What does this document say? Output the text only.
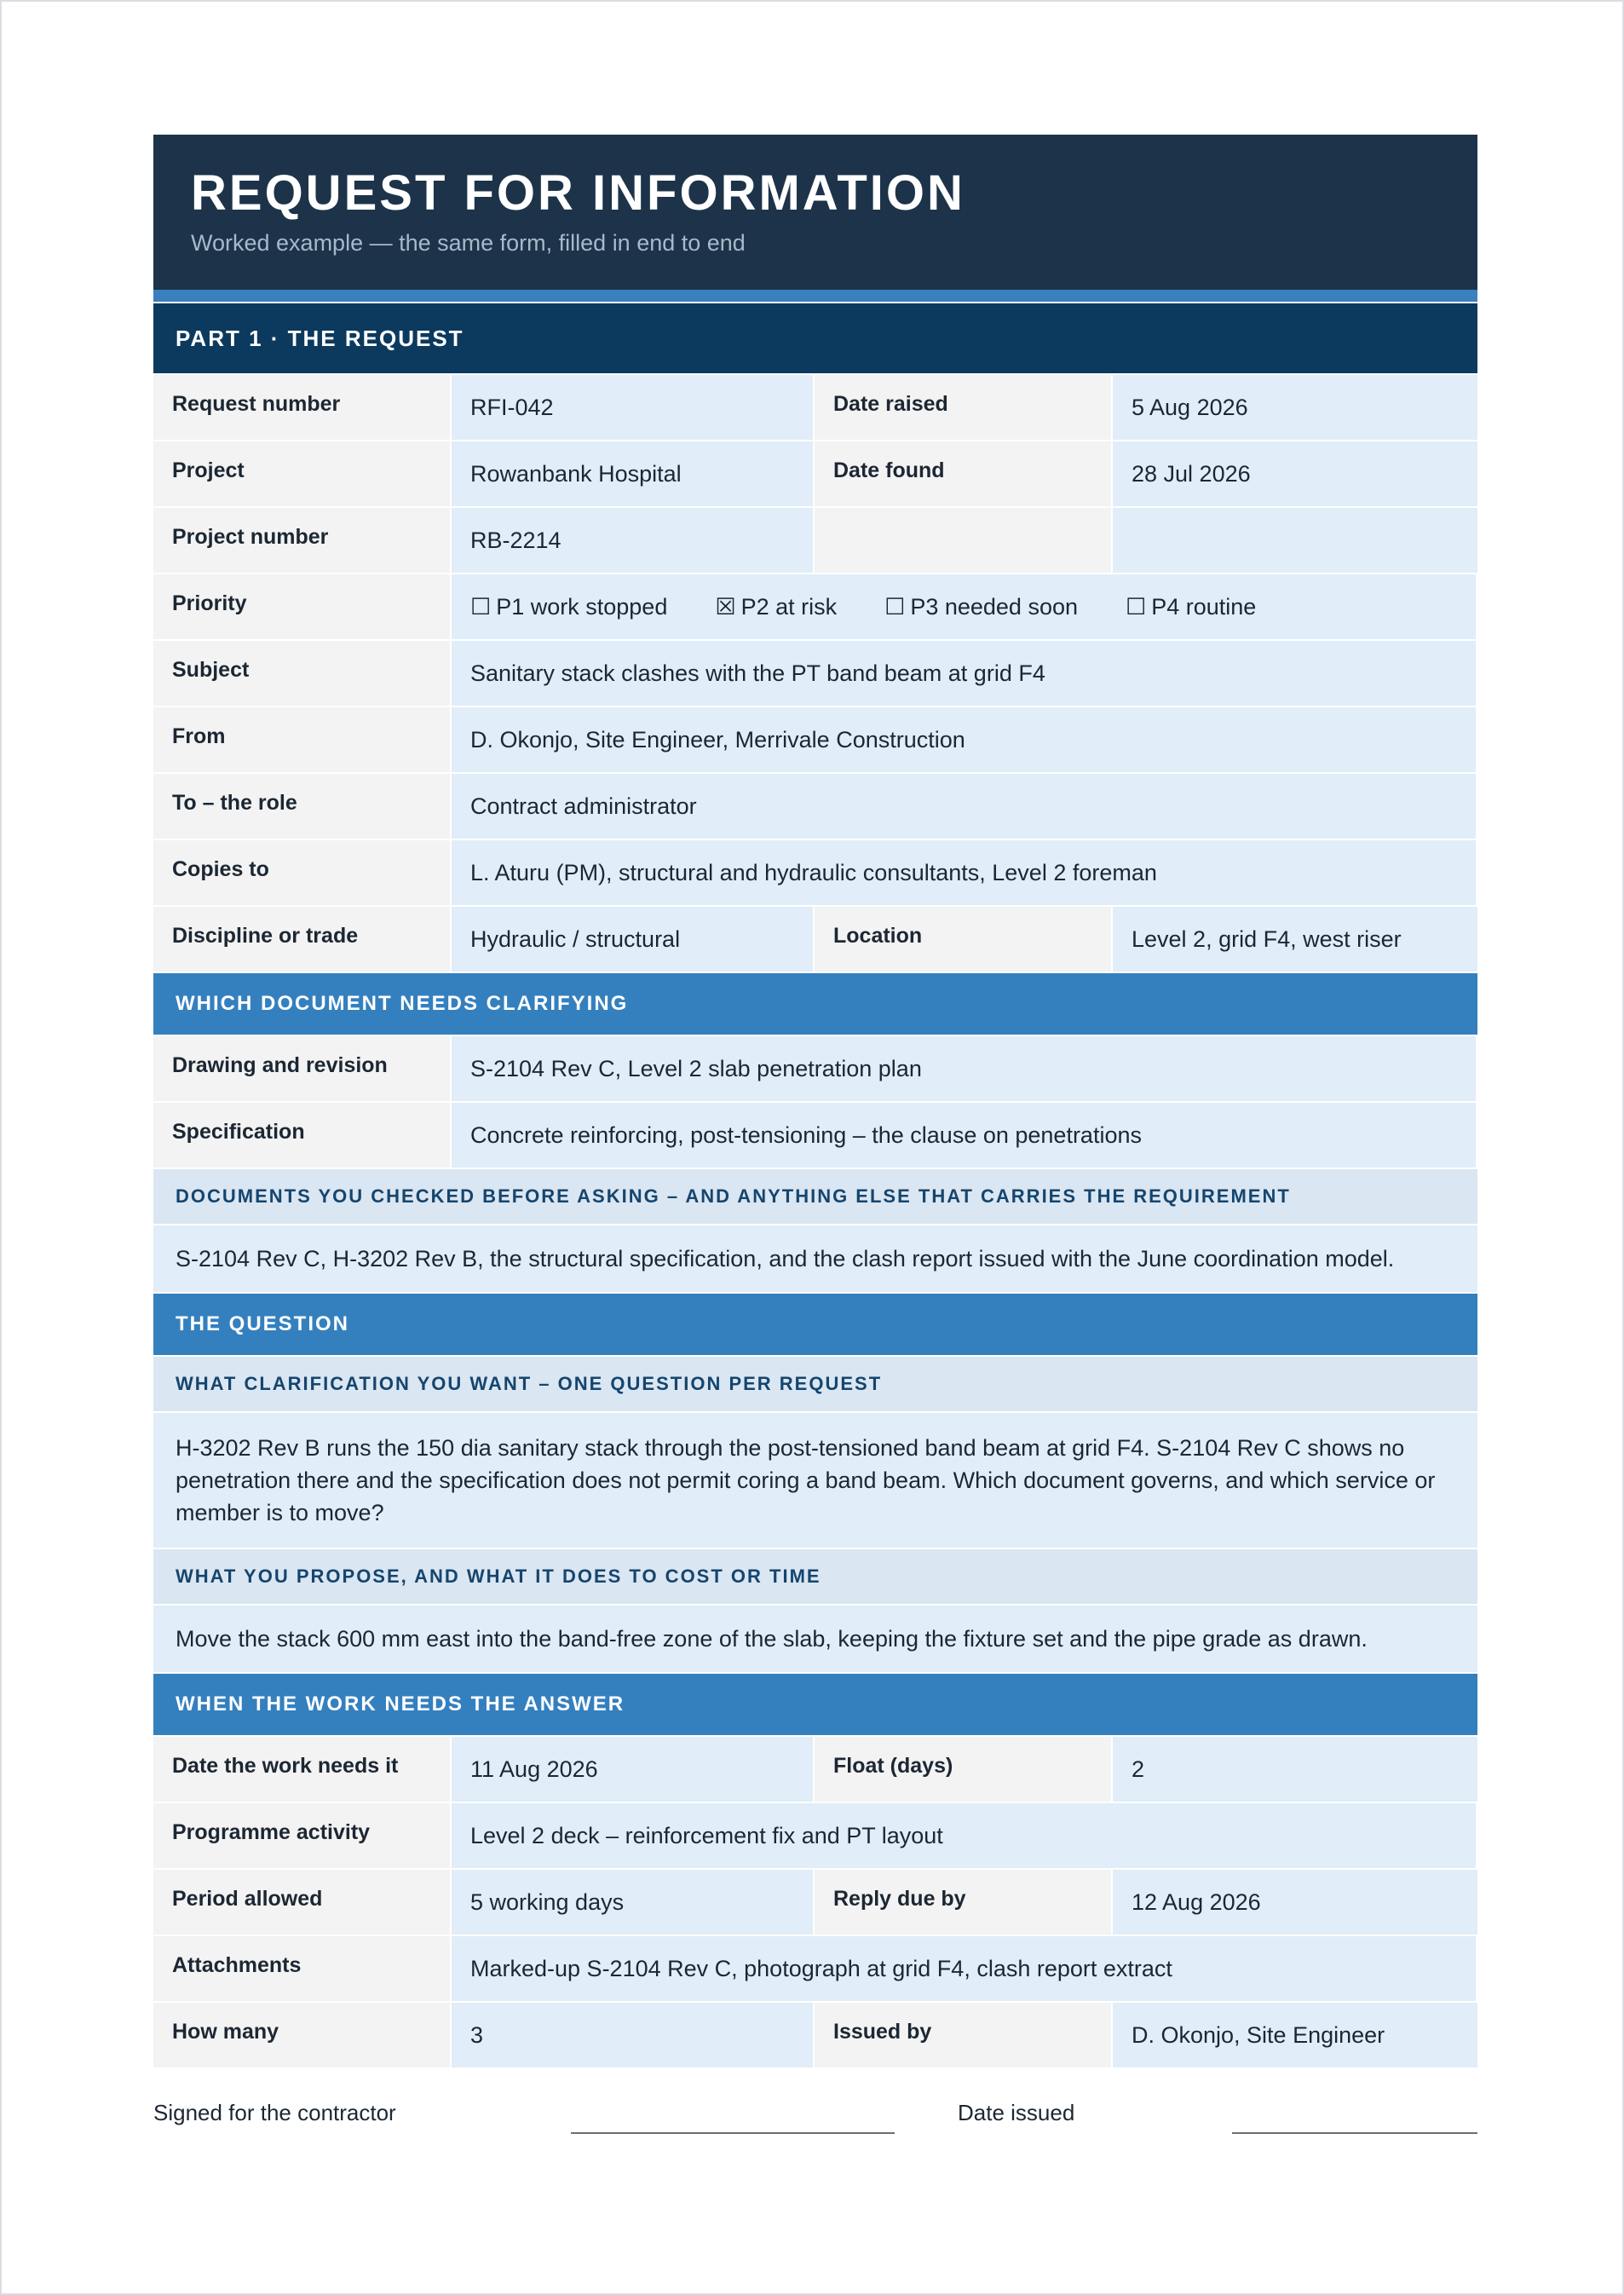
REQUEST FOR INFORMATION
Worked example — the same form, filled in end to end
PART 1 · THE REQUEST
Request number	RFI-042	Date raised	5 Aug 2026
Project	Rowanbank Hospital	Date found	28 Jul 2026
Project number	RB-2214
Priority	☐ P1 work stopped ☒ P2 at risk ☐ P3 needed soon ☐ P4 routine
Subject	Sanitary stack clashes with the PT band beam at grid F4
From	D. Okonjo, Site Engineer, Merrivale Construction
To – the role	Contract administrator
Copies to	L. Aturu (PM), structural and hydraulic consultants, Level 2 foreman
Discipline or trade	Hydraulic / structural	Location	Level 2, grid F4, west riser
WHICH DOCUMENT NEEDS CLARIFYING
Drawing and revision	S-2104 Rev C, Level 2 slab penetration plan
Specification	Concrete reinforcing, post-tensioning – the clause on penetrations
DOCUMENTS YOU CHECKED BEFORE ASKING – AND ANYTHING ELSE THAT CARRIES THE REQUIREMENT
S-2104 Rev C, H-3202 Rev B, the structural specification, and the clash report issued with the June coordination model.
THE QUESTION
WHAT CLARIFICATION YOU WANT – ONE QUESTION PER REQUEST
H-3202 Rev B runs the 150 dia sanitary stack through the post-tensioned band beam at grid F4. S-2104 Rev C shows no penetration there and the specification does not permit coring a band beam. Which document governs, and which service or member is to move?
WHAT YOU PROPOSE, AND WHAT IT DOES TO COST OR TIME
Move the stack 600 mm east into the band-free zone of the slab, keeping the fixture set and the pipe grade as drawn.
WHEN THE WORK NEEDS THE ANSWER
Date the work needs it	11 Aug 2026	Float (days)	2
Programme activity	Level 2 deck – reinforcement fix and PT layout
Period allowed	5 working days	Reply due by	12 Aug 2026
Attachments	Marked-up S-2104 Rev C, photograph at grid F4, clash report extract
How many	3	Issued by	D. Okonjo, Site Engineer
Signed for the contractor	Date issued
